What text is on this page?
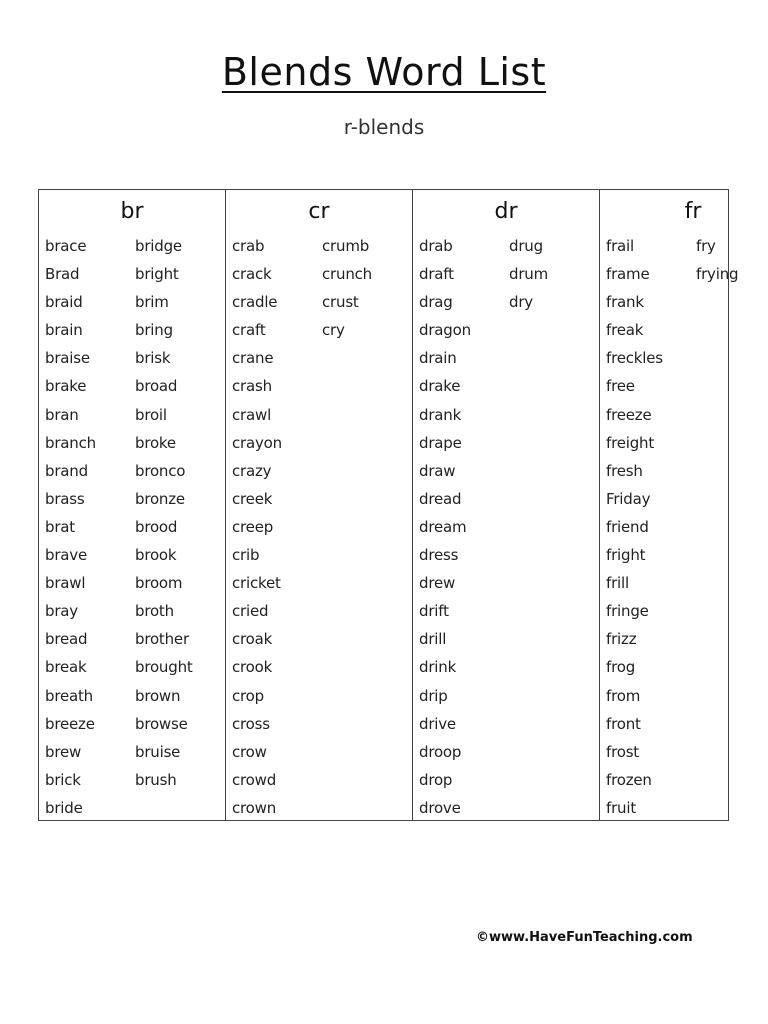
Blends Word List
r-blends
br
brace
Brad
braid
brain
braise
brake
bran
branch
brand
brass
brat
brave
brawl
bray
bread
break
breath
breeze
brew
brick
bride
bridge
bright
brim
bring
brisk
broad
broil
broke
bronco
bronze
brood
brook
broom
broth
brother
brought
brown
browse
bruise
brush
cr
crab
crack
cradle
craft
crane
crash
crawl
crayon
crazy
creek
creep
crib
cricket
cried
croak
crook
crop
cross
crow
crowd
crown
crumb
crunch
crust
cry
dr
drab
draft
drag
dragon
drain
drake
drank
drape
draw
dread
dream
dress
drew
drift
drill
drink
drip
drive
droop
drop
drove
drug
drum
dry
fr
frail
frame
frank
freak
freckles
free
freeze
freight
fresh
Friday
friend
fright
frill
fringe
frizz
frog
from
front
frost
frozen
fruit
fry
frying
©www.HaveFunTeaching.com
